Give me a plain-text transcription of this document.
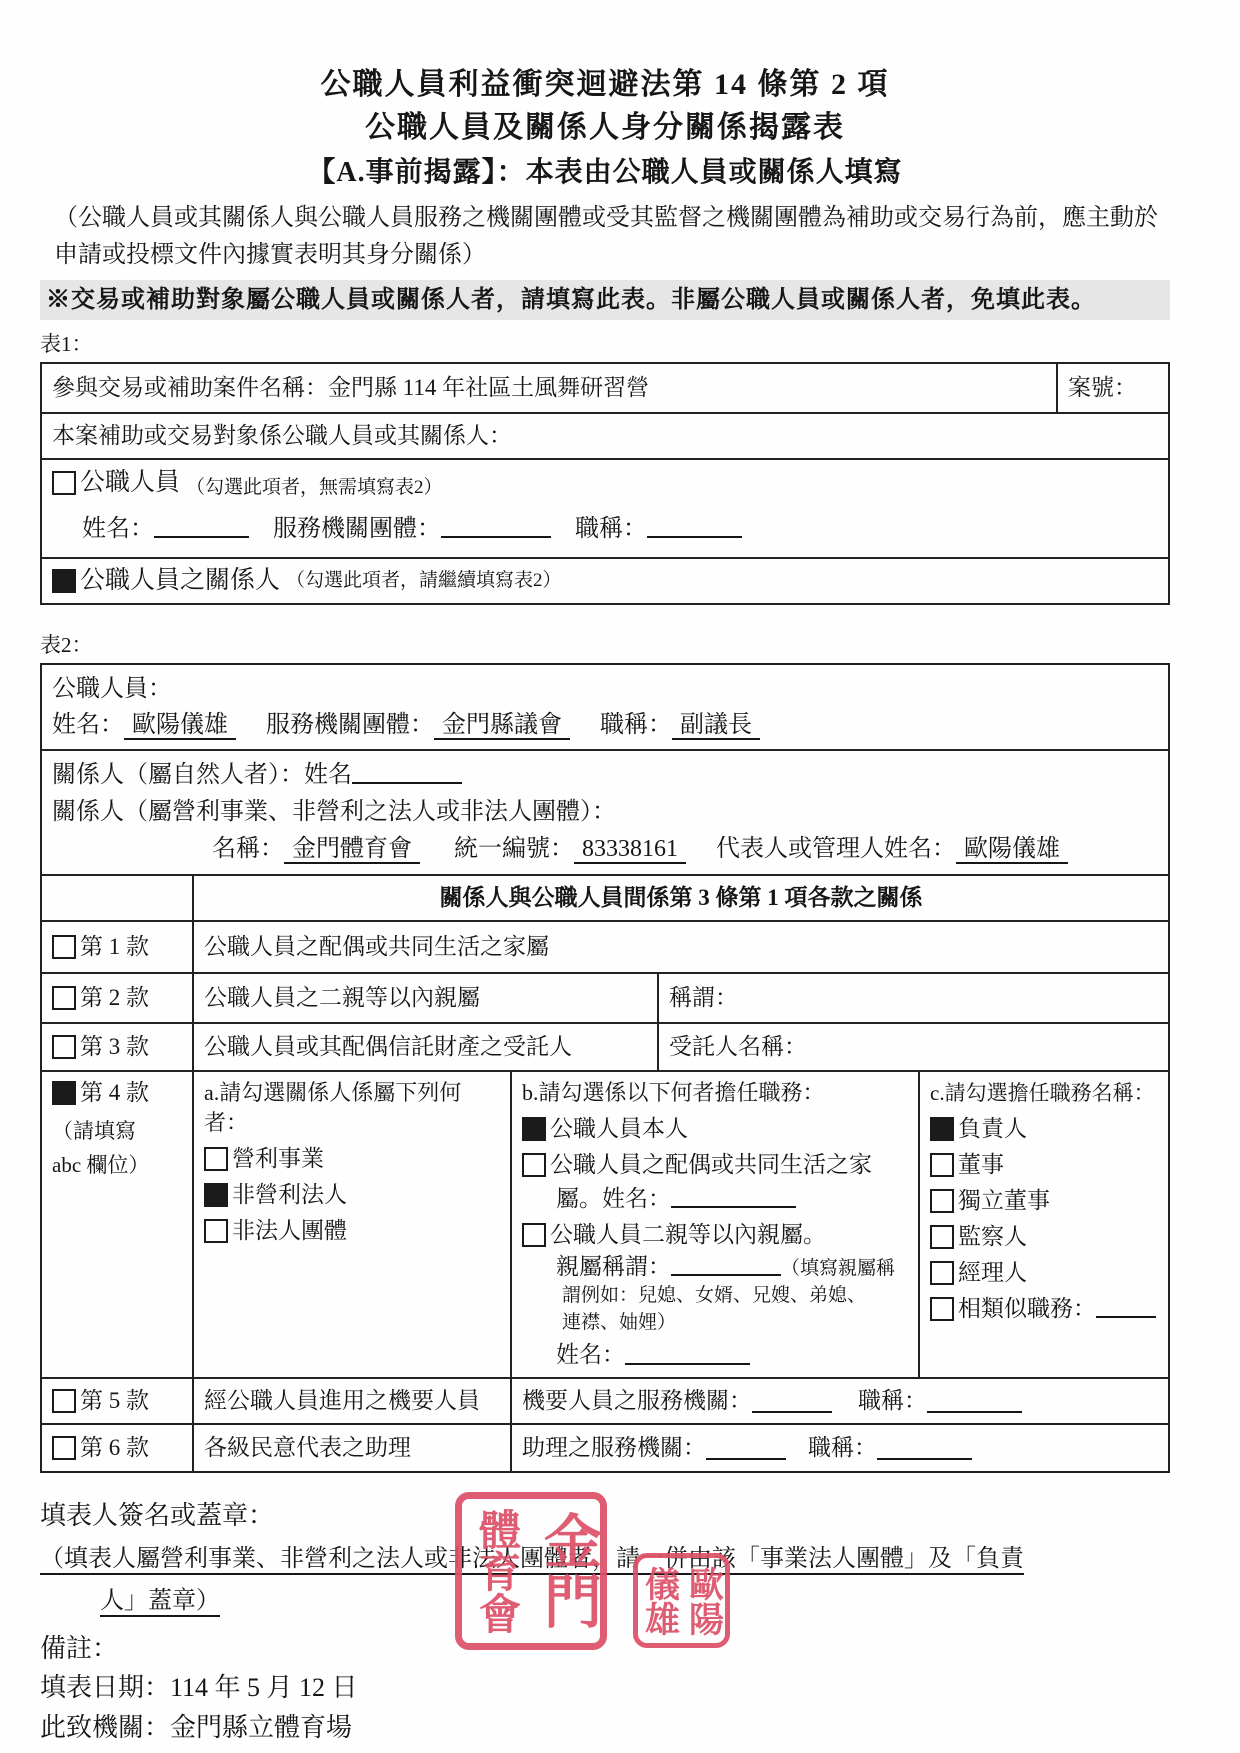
公職人員利益衝突迴避法第 14 條第 2 項
公職人員及關係人身分關係揭露表
【A.事前揭露】：本表由公職人員或關係人填寫
（公職人員或其關係人與公職人員服務之機關團體或受其監督之機關團體為補助或交易行為前，應主動於申請或投標文件內據實表明其身分關係）
※交易或補助對象屬公職人員或關係人者，請填寫此表。非屬公職人員或關係人者，免填此表。
表1：
參與交易或補助案件名稱： 金門縣 114 年社區土風舞研習營	案號：
本案補助或交易對象係公職人員或其關係人：
公職人員 （勾選此項者，無需填寫表2）
姓名：	服務機關團體：	職稱：
公職人員之關係人 （勾選此項者，請繼續填寫表2）
表2：
公職人員：
姓名： 歐陽儀雄 服務機關團體： 金門縣議會 職稱： 副議長
關係人（屬自然人者）：姓名
關係人（屬營利事業、非營利之法人或非法人團體）：
名稱： 金門體育會 統一編號： 83338161 代表人或管理人姓名： 歐陽儀雄
關係人與公職人員間係第 3 條第 1 項各款之關係
第 1 款 公職人員之配偶或共同生活之家屬
第 2 款 公職人員之二親等以內親屬	稱謂：
第 3 款 公職人員或其配偶信託財產之受託人	受託人名稱：
第 4 款
（請填寫
abc 欄位）
a.請勾選關係人係屬下列何
者：
營利事業
非營利法人
非法人團體
b.請勾選係以下何者擔任職務：
公職人員本人
公職人員之配偶或共同生活之家
屬。姓名：
公職人員二親等以內親屬。
親屬稱謂：	（填寫親屬稱
謂例如：兒媳、女婿、兄嫂、弟媳、
連襟、妯娌）
姓名：
c.請勾選擔任職務名稱：
負責人
董事
獨立董事
監察人
經理人
相類似職務：
第 5 款 經公職人員進用之機要人員 機要人員之服務機關：	職稱：
第 6 款 各級民意代表之助理	助理之服務機關：	職稱：
填表人簽名或蓋章：
（填表人屬營利事業、非營利之法人或非法人團體者，請一併由該「事業法人團體」及「負責
人」蓋章）
備註：
填表日期：114 年 5 月 12 日
此致機關：金門縣立體育場
金門
體育會	歐陽
儀雄
